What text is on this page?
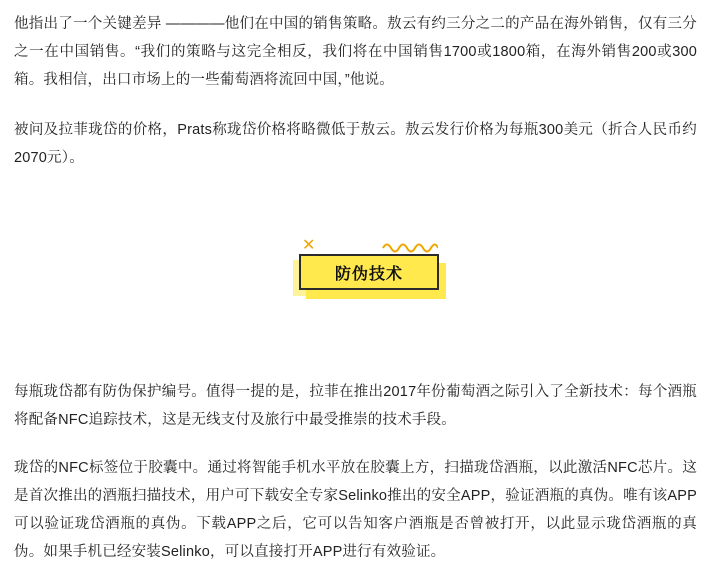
他指出了一个关键差异 ————他们在中国的销售策略。敖云有约三分之二的产品在海外销售，仅有三分之一在中国销售。“我们的策略与这完全相反，我们将在中国销售1700或1800箱，在海外销售200或300箱。我相信，出口市场上的一些葡萄酒将流回中国，”他说。

被问及拉菲珑岱的价格，Prats称珑岱价格将略微低于敖云。敖云发行价格为每瓶300美元（折合人民币约2070元）。

防伪技术
✕

每瓶珑岱都有防伪保护编号。值得一提的是，拉菲在推出2017年份葡萄酒之际引入了全新技术：每个酒瓶将配备NFC追踪技术，这是无线支付及旅行中最受推崇的技术手段。

珑岱的NFC标签位于胶囊中。通过将智能手机水平放在胶囊上方，扫描珑岱酒瓶，以此激活NFC芯片。这是首次推出的酒瓶扫描技术，用户可下载安全专家Selinko推出的安全APP，验证酒瓶的真伪。唯有该APP可以验证珑岱酒瓶的真伪。下载APP之后，它可以告知客户酒瓶是否曾被打开，以此显示珑岱酒瓶的真伪。如果手机已经安装Selinko，可以直接打开APP进行有效验证。
